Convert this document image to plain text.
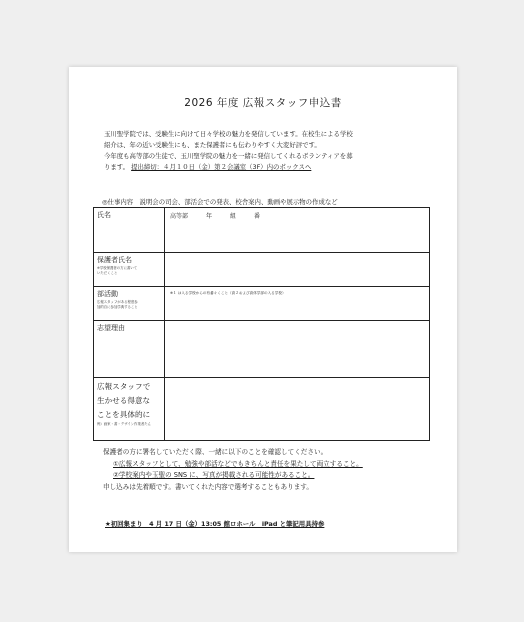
2026 年度 広報スタッフ申込書
玉川聖学院では、受験生に向けて日々学校の魅力を発信しています。在校生による学校
紹介は、年の近い受験生にも、また保護者にも伝わりやすく大変好評です。
今年度も高等部の生徒で、玉川聖学院の魅力を一緒に発信してくれるボランティアを募
ります。 提出締切：４月１０日（金）第２会議室（3F）内のボックスへ
◎仕事内容　説明会の司会、部活会での発表、校舎案内、動画や展示物の作成など
氏名	高等部　　　年　　　組　　　番
保護者氏名
※学校保護者の方に書いて
いただくこと
部活動
広報スタッフがある程度参
加的自に参加学典すること
※１ は入る学校からの有番々くこと（高２および高体学部の入る学校）
志望理由
広報スタッフで
生かせる得意な
ことを具体的に
例）画家・書・デザイン作業者たん
保護者の方に署名していただく際、一緒に以下のことを確認してください。
①広報スタッフとして、勉強や部活などでもきちんと責任を果たして両立すること。
②学校案内や玉聖の SNS に、写真が掲載される可能性があること。
申し込みは先着順です。書いてくれた内容で選考することもあります。
★初回集まり　4 月 17 日（金）13:05 館ロホール　iPad と筆記用具持参
